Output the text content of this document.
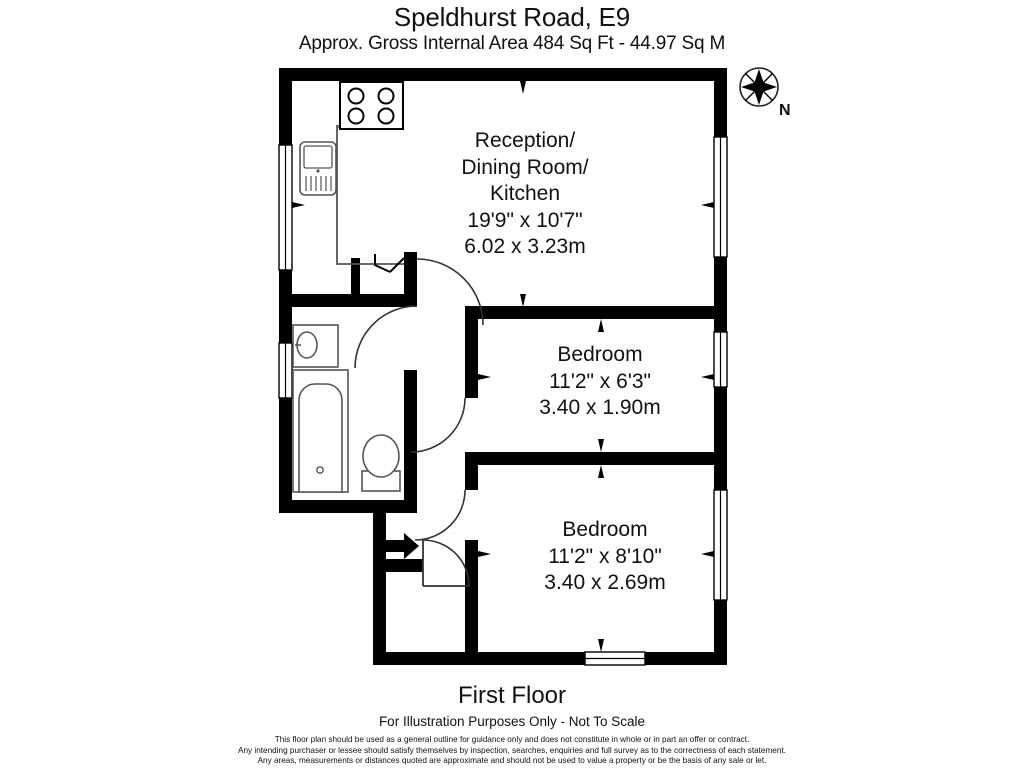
Speldhurst Road, E9
Approx. Gross Internal Area 484 Sq Ft - 44.97 Sq M
Reception/
Dining Room/
Kitchen
19'9" x 10'7"
6.02 x 3.23m
Bedroom
11'2" x 6'3"
3.40 x 1.90m
Bedroom
11'2" x 8'10"
3.40 x 2.69m
N
First Floor
For Illustration Purposes Only - Not To Scale
This floor plan should be used as a general outline for guidance only and does not constitute in whole or in part an offer or contract.
Any intending purchaser or lessee should satisfy themselves by inspection, searches, enquiries and full survey as to the correctness of each statement.
Any areas, measurements or distances quoted are approximate and should not be used to value a property or be the basis of any sale or let.
